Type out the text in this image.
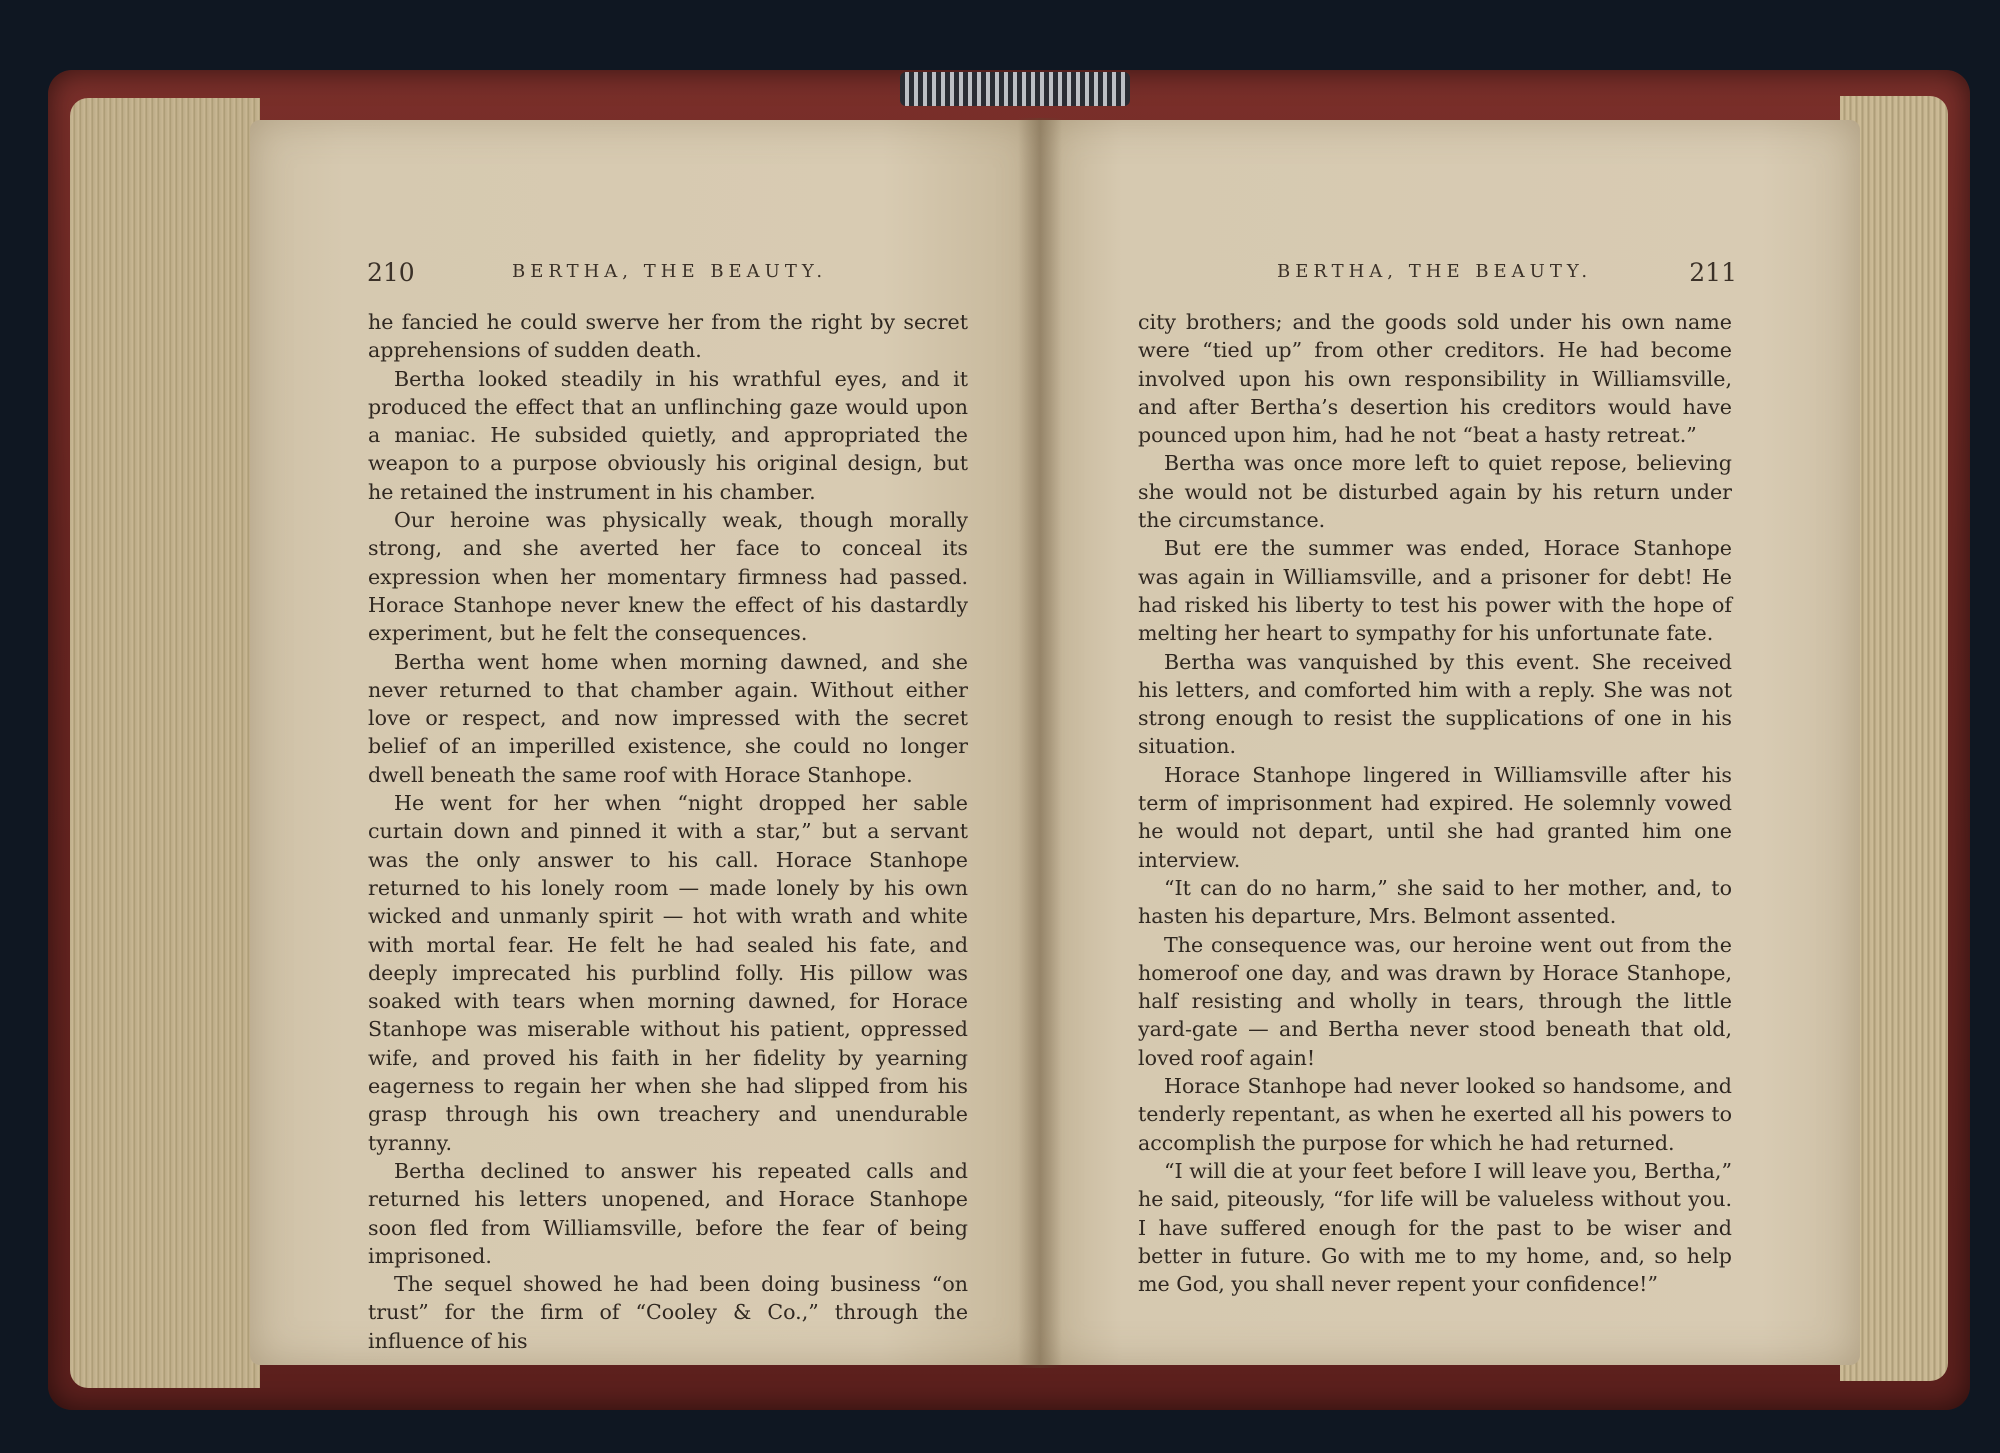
210	BERTHA, THE BEAUTY.	BERTHA, THE BEAUTY.	211

he fancied he could swerve her from the right by secret apprehensions of sudden death.

Bertha looked steadily in his wrathful eyes, and it produced the effect that an unflinching gaze would upon a maniac. He subsided quietly, and appropriated the weapon to a purpose obviously his original design, but he retained the instrument in his chamber.

Our heroine was physically weak, though morally strong, and she averted her face to conceal its expression when her momentary firmness had passed. Horace Stanhope never knew the effect of his dastardly experiment, but he felt the consequences.

Bertha went home when morning dawned, and she never returned to that chamber again. Without either love or respect, and now impressed with the secret belief of an imperilled existence, she could no longer dwell beneath the same roof with Horace Stanhope.

He went for her when “night dropped her sable curtain down and pinned it with a star,” but a servant was the only answer to his call. Horace Stanhope returned to his lonely room — made lonely by his own wicked and unmanly spirit — hot with wrath and white with mortal fear. He felt he had sealed his fate, and deeply imprecated his purblind folly. His pillow was soaked with tears when morning dawned, for Horace Stanhope was miserable without his patient, oppressed wife, and proved his faith in her fidelity by yearning eagerness to regain her when she had slipped from his grasp through his own treachery and unendurable tyranny.

Bertha declined to answer his repeated calls and returned his letters unopened, and Horace Stanhope soon fled from Williamsville, before the fear of being imprisoned.

The sequel showed he had been doing business “on trust” for the firm of “Cooley & Co.,” through the influence of his

city brothers; and the goods sold under his own name were “tied up” from other creditors. He had become involved upon his own responsibility in Williamsville, and after Bertha’s desertion his creditors would have pounced upon him, had he not “beat a hasty retreat.”

Bertha was once more left to quiet repose, believing she would not be disturbed again by his return under the circumstance.

But ere the summer was ended, Horace Stanhope was again in Williamsville, and a prisoner for debt! He had risked his liberty to test his power with the hope of melting her heart to sympathy for his unfortunate fate.

Bertha was vanquished by this event. She received his letters, and comforted him with a reply. She was not strong enough to resist the supplications of one in his situation.

Horace Stanhope lingered in Williamsville after his term of imprisonment had expired. He solemnly vowed he would not depart, until she had granted him one interview.

“It can do no harm,” she said to her mother, and, to hasten his departure, Mrs. Belmont assented.

The consequence was, our heroine went out from the homeroof one day, and was drawn by Horace Stanhope, half resisting and wholly in tears, through the little yard-gate — and Bertha never stood beneath that old, loved roof again!

Horace Stanhope had never looked so handsome, and tenderly repentant, as when he exerted all his powers to accomplish the purpose for which he had returned.

“I will die at your feet before I will leave you, Bertha,” he said, piteously, “for life will be valueless without you. I have suffered enough for the past to be wiser and better in future. Go with me to my home, and, so help me God, you shall never repent your confidence!”
